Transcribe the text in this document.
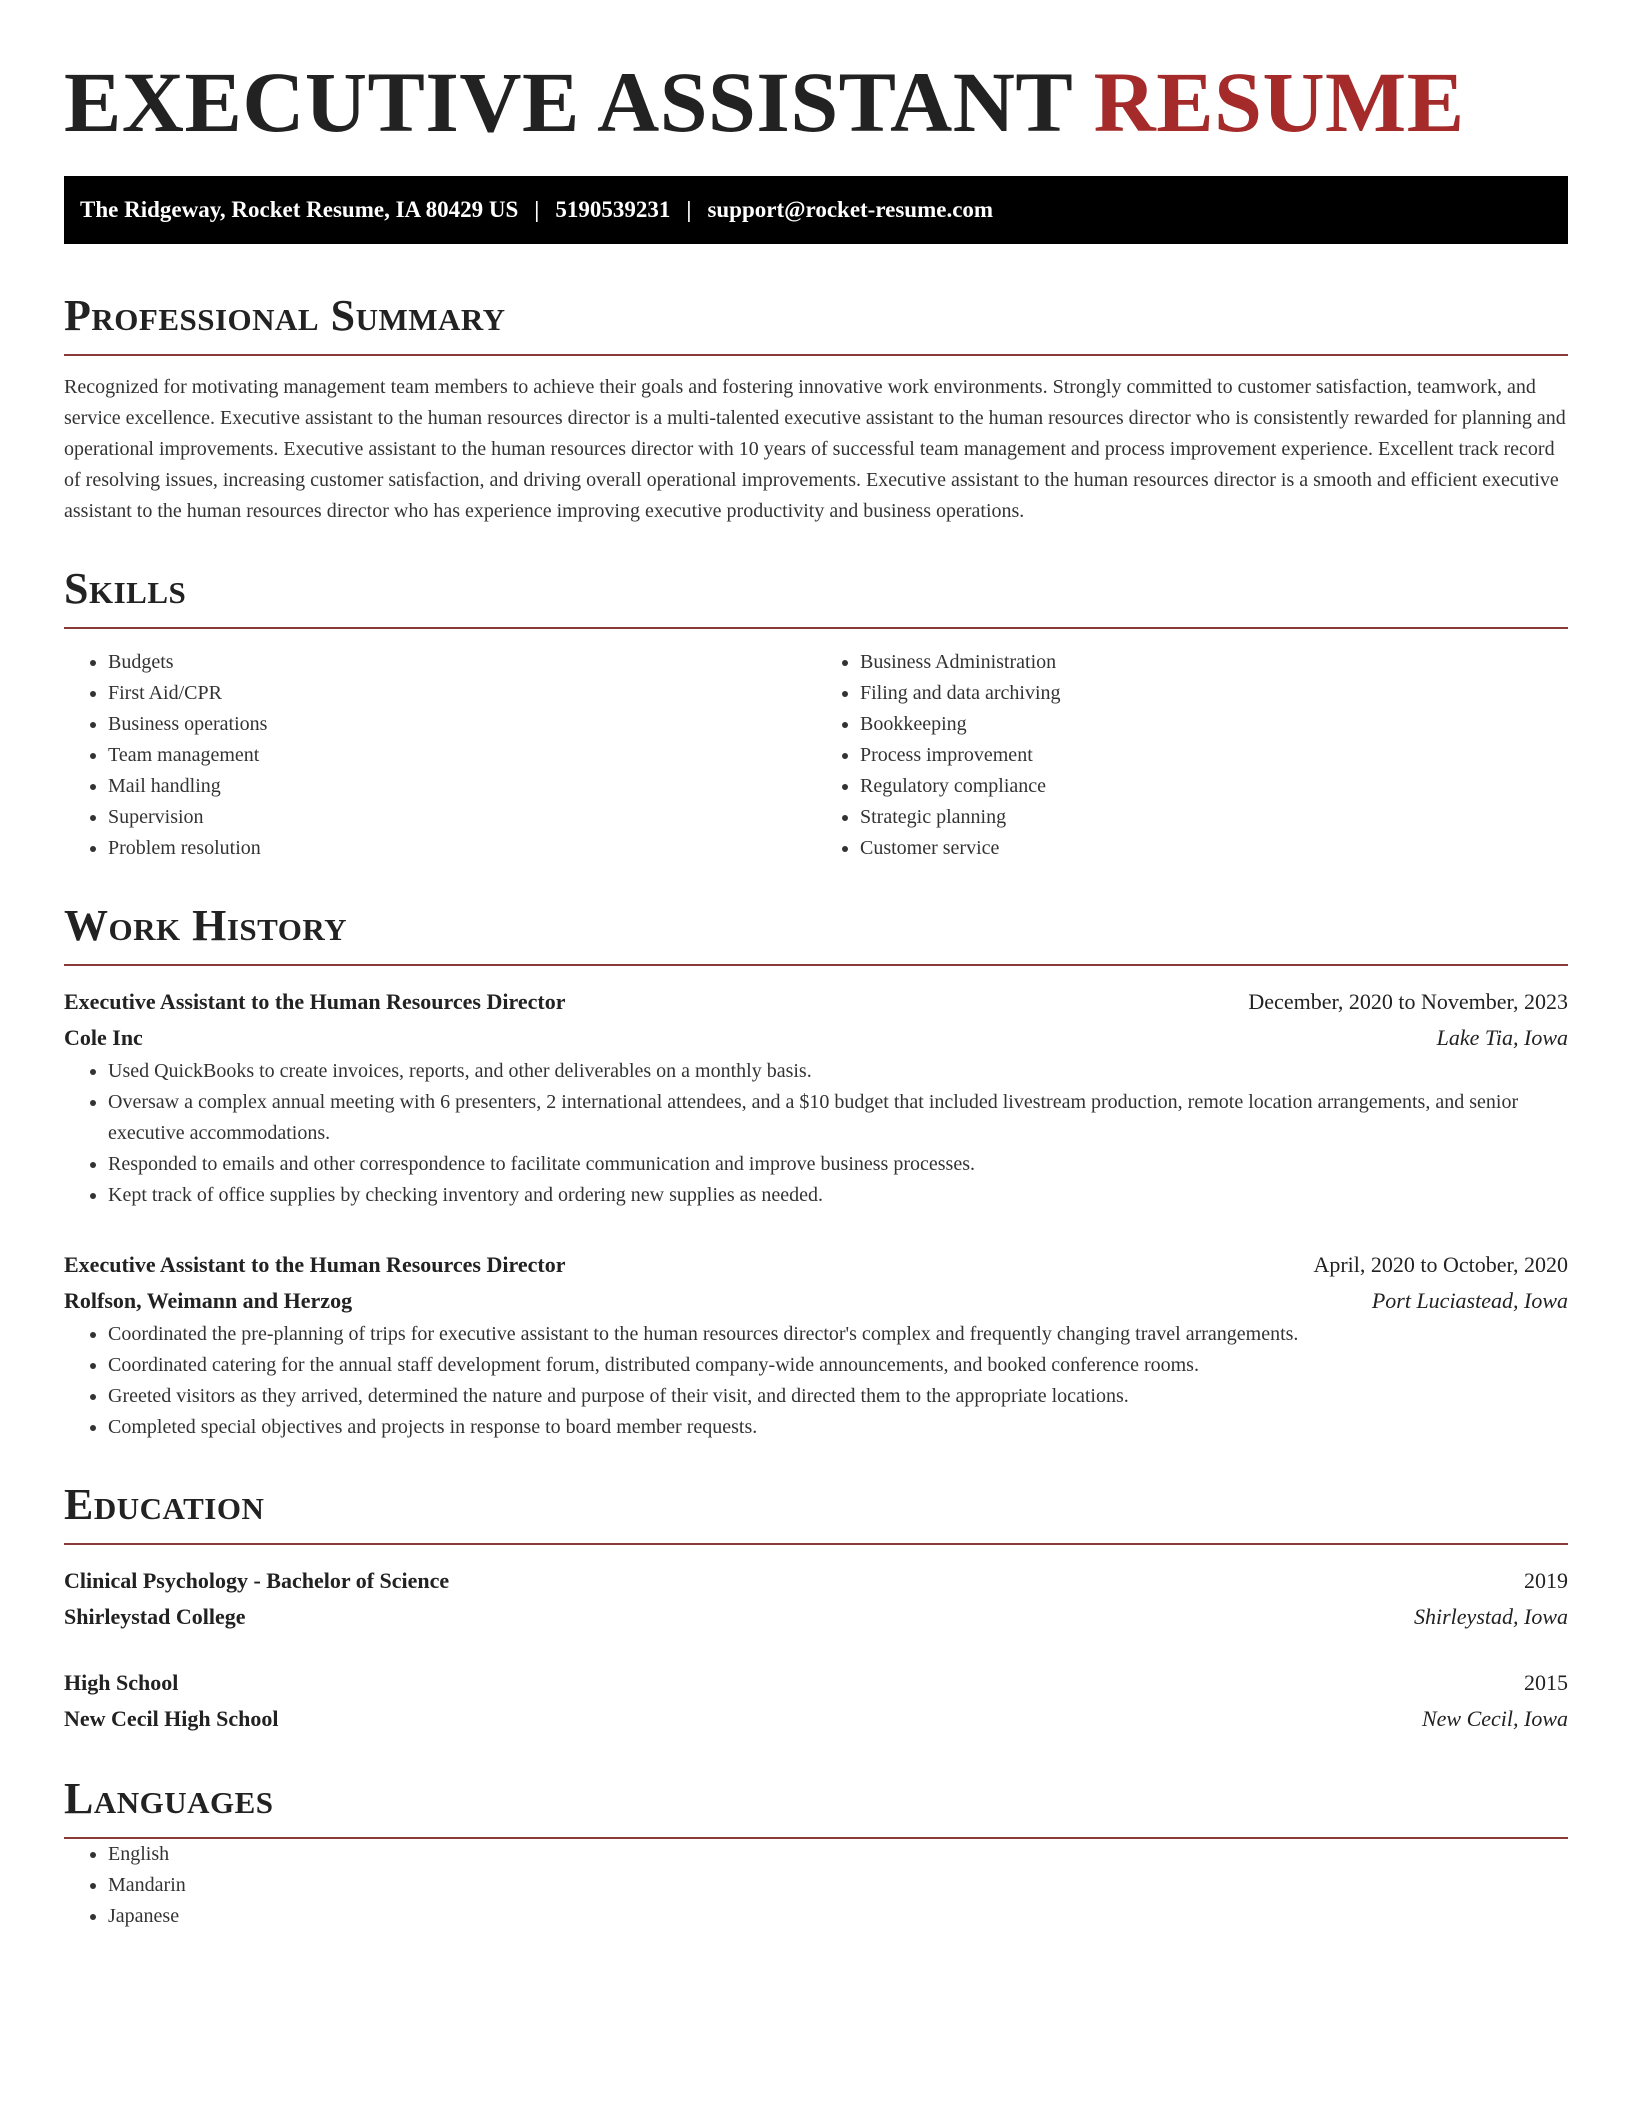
EXECUTIVE ASSISTANT RESUME
The Ridgeway, Rocket Resume, IA 80429 US | 5190539231 | support@rocket-resume.com
Professional Summary

Recognized for motivating management team members to achieve their goals and fostering innovative work environments. Strongly committed to customer satisfaction, teamwork, and service excellence. Executive assistant to the human resources director is a multi-talented executive assistant to the human resources director who is consistently rewarded for planning and operational improvements. Executive assistant to the human resources director with 10 years of successful team management and process improvement experience. Excellent track record of resolving issues, increasing customer satisfaction, and driving overall operational improvements. Executive assistant to the human resources director is a smooth and efficient executive assistant to the human resources director who has experience improving executive productivity and business operations.

Skills
• Budgets
• First Aid/CPR
• Business operations
• Team management
• Mail handling
• Supervision
• Problem resolution
• Business Administration
• Filing and data archiving
• Bookkeeping
• Process improvement
• Regulatory compliance
• Strategic planning
• Customer service
Work History
Executive Assistant to the Human Resources Director	December, 2020 to November, 2023
Cole Inc	Lake Tia, Iowa
• Used QuickBooks to create invoices, reports, and other deliverables on a monthly basis.
• Oversaw a complex annual meeting with 6 presenters, 2 international attendees, and a $10 budget that included livestream production, remote location arrangements, and senior executive accommodations.
• Responded to emails and other correspondence to facilitate communication and improve business processes.
• Kept track of office supplies by checking inventory and ordering new supplies as needed.
Executive Assistant to the Human Resources Director	April, 2020 to October, 2020
Rolfson, Weimann and Herzog	Port Luciastead, Iowa
• Coordinated the pre-planning of trips for executive assistant to the human resources director's complex and frequently changing travel arrangements.
• Coordinated catering for the annual staff development forum, distributed company-wide announcements, and booked conference rooms.
• Greeted visitors as they arrived, determined the nature and purpose of their visit, and directed them to the appropriate locations.
• Completed special objectives and projects in response to board member requests.
Education
Clinical Psychology - Bachelor of Science	2019
Shirleystad College	Shirleystad, Iowa
High School	2015
New Cecil High School	New Cecil, Iowa
Languages
• English
• Mandarin
• Japanese
